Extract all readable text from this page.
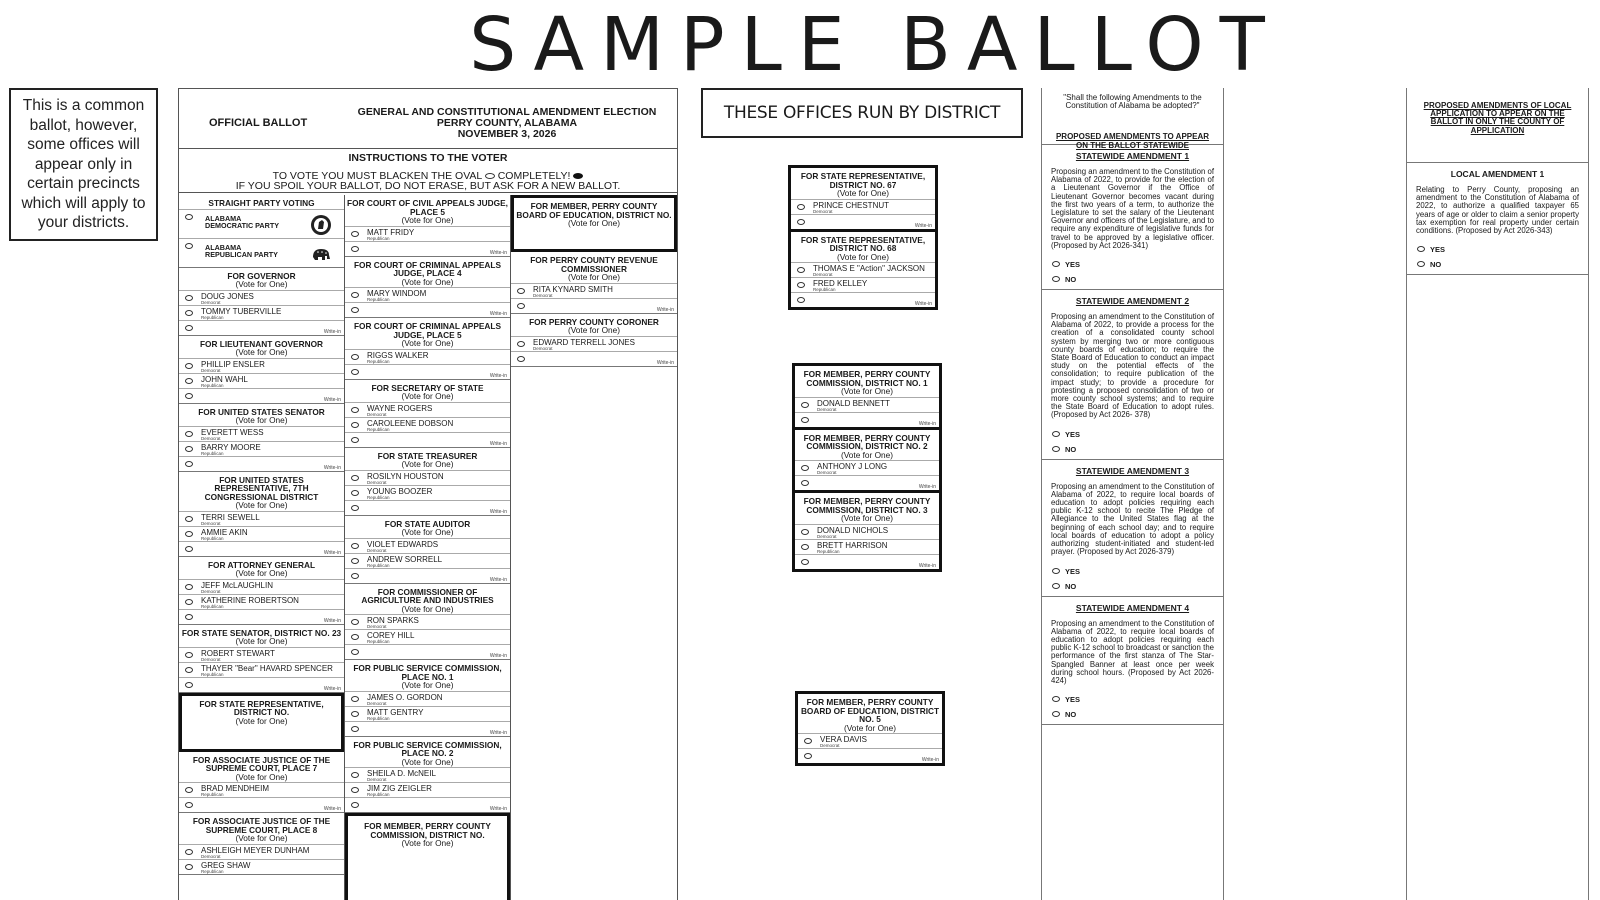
SAMPLE BALLOT
This is a common ballot, however, some offices will appear only in certain precincts which will apply to your districts.
OFFICIAL BALLOT
GENERAL AND CONSTITUTIONAL AMENDMENT ELECTION
PERRY COUNTY, ALABAMA
NOVEMBER 3, 2026
INSTRUCTIONS TO THE VOTER
TO VOTE YOU MUST BLACKEN THE OVAL COMPLETELY!
IF YOU SPOIL YOUR BALLOT, DO NOT ERASE, BUT ASK FOR A NEW BALLOT.
STRAIGHT PARTY VOTING
ALABAMA DEMOCRATIC PARTY
ALABAMA REPUBLICAN PARTY
FOR GOVERNOR
(Vote for One)
DOUG JONES
Democrat
TOMMY TUBERVILLE
Republican
Write-in
FOR LIEUTENANT GOVERNOR
(Vote for One)
PHILLIP ENSLER
Democrat
JOHN WAHL
Republican
Write-in
FOR UNITED STATES SENATOR
(Vote for One)
EVERETT WESS
Democrat
BARRY MOORE
Republican
Write-in
FOR UNITED STATES REPRESENTATIVE, 7TH CONGRESSIONAL DISTRICT
(Vote for One)
TERRI SEWELL
Democrat
AMMIE AKIN
Republican
Write-in
FOR ATTORNEY GENERAL
(Vote for One)
JEFF McLAUGHLIN
Democrat
KATHERINE ROBERTSON
Republican
Write-in
FOR STATE SENATOR, DISTRICT NO. 23
(Vote for One)
ROBERT STEWART
Democrat
THAYER "Bear" HAVARD SPENCER
Republican
Write-in
FOR STATE REPRESENTATIVE, DISTRICT NO.
(Vote for One)
FOR ASSOCIATE JUSTICE OF THE SUPREME COURT, PLACE 7
(Vote for One)
BRAD MENDHEIM
Republican
Write-in
FOR ASSOCIATE JUSTICE OF THE SUPREME COURT, PLACE 8
(Vote for One)
ASHLEIGH MEYER DUNHAM
Democrat
GREG SHAW
Republican
FOR COURT OF CIVIL APPEALS JUDGE, PLACE 5
(Vote for One)
MATT FRIDY
Republican
Write-in
FOR COURT OF CRIMINAL APPEALS JUDGE, PLACE 4
(Vote for One)
MARY WINDOM
Republican
Write-in
FOR COURT OF CRIMINAL APPEALS JUDGE, PLACE 5
(Vote for One)
RIGGS WALKER
Republican
Write-in
FOR SECRETARY OF STATE
(Vote for One)
WAYNE ROGERS
Democrat
CAROLEENE DOBSON
Republican
Write-in
FOR STATE TREASURER
(Vote for One)
ROSILYN HOUSTON
Democrat
YOUNG BOOZER
Republican
Write-in
FOR STATE AUDITOR
(Vote for One)
VIOLET EDWARDS
Democrat
ANDREW SORRELL
Republican
Write-in
FOR COMMISSIONER OF AGRICULTURE AND INDUSTRIES
(Vote for One)
RON SPARKS
Democrat
COREY HILL
Republican
Write-in
FOR PUBLIC SERVICE COMMISSION, PLACE NO. 1
(Vote for One)
JAMES O. GORDON
Democrat
MATT GENTRY
Republican
Write-in
FOR PUBLIC SERVICE COMMISSION, PLACE NO. 2
(Vote for One)
SHEILA D. McNEIL
Democrat
JIM ZIG ZEIGLER
Republican
Write-in
FOR MEMBER, PERRY COUNTY COMMISSION, DISTRICT NO.
(Vote for One)
FOR MEMBER, PERRY COUNTY BOARD OF EDUCATION, DISTRICT NO.
(Vote for One)
FOR PERRY COUNTY REVENUE COMMISSIONER
(Vote for One)
RITA KYNARD SMITH
Democrat
Write-in
FOR PERRY COUNTY CORONER
(Vote for One)
EDWARD TERRELL JONES
Democrat
Write-in
THESE OFFICES RUN BY DISTRICT
FOR STATE REPRESENTATIVE, DISTRICT NO. 67
(Vote for One)
PRINCE CHESTNUT
Democrat
Write-in
FOR STATE REPRESENTATIVE, DISTRICT NO. 68
(Vote for One)
THOMAS E "Action" JACKSON
Democrat
FRED KELLEY
Republican
Write-in
FOR MEMBER, PERRY COUNTY COMMISSION, DISTRICT NO. 1
(Vote for One)
DONALD BENNETT
Democrat
Write-in
FOR MEMBER, PERRY COUNTY COMMISSION, DISTRICT NO. 2
(Vote for One)
ANTHONY J LONG
Democrat
Write-in
FOR MEMBER, PERRY COUNTY COMMISSION, DISTRICT NO. 3
(Vote for One)
DONALD NICHOLS
Democrat
BRETT HARRISON
Republican
Write-in
FOR MEMBER, PERRY COUNTY BOARD OF EDUCATION, DISTRICT NO. 5
(Vote for One)
VERA DAVIS
Democrat
Write-in
"Shall the following Amendments to the Constitution of Alabama be adopted?"
PROPOSED AMENDMENTS TO APPEAR ON THE BALLOT STATEWIDE
STATEWIDE AMENDMENT 1
Proposing an amendment to the Constitution of Alabama of 2022, to provide for the election of a Lieutenant Governor if the Office of Lieutenant Governor becomes vacant during the first two years of a term, to authorize the Legislature to set the salary of the Lieutenant Governor and officers of the Legislature, and to require any expenditure of legislative funds for travel to be approved by a legislative officer. (Proposed by Act 2026-341)
YES
NO
STATEWIDE AMENDMENT 2
Proposing an amendment to the Constitution of Alabama of 2022, to provide a process for the creation of a consolidated county school system by merging two or more contiguous county boards of education; to require the State Board of Education to conduct an impact study on the potential effects of the consolidation; to require publication of the impact study; to provide a procedure for protesting a proposed consolidation of two or more county school systems; and to require the State Board of Education to adopt rules. (Proposed by Act 2026- 378)
YES
NO
STATEWIDE AMENDMENT 3
Proposing an amendment to the Constitution of Alabama of 2022, to require local boards of education to adopt policies requiring each public K-12 school to recite The Pledge of Allegiance to the United States flag at the beginning of each school day; and to require local boards of education to adopt a policy authorizing student-initiated and student-led prayer. (Proposed by Act 2026-379)
YES
NO
STATEWIDE AMENDMENT 4
Proposing an amendment to the Constitution of Alabama of 2022, to require local boards of education to adopt policies requiring each public K-12 school to broadcast or sanction the performance of the first stanza of The Star-Spangled Banner at least once per week during school hours. (Proposed by Act 2026-424)
YES
NO
PROPOSED AMENDMENTS OF LOCAL APPLICATION TO APPEAR ON THE BALLOT IN ONLY THE COUNTY OF APPLICATION
LOCAL AMENDMENT 1
Relating to Perry County, proposing an amendment to the Constitution of Alabama of 2022, to authorize a qualified taxpayer 65 years of age or older to claim a senior property tax exemption for real property under certain conditions. (Proposed by Act 2026-343)
YES
NO
